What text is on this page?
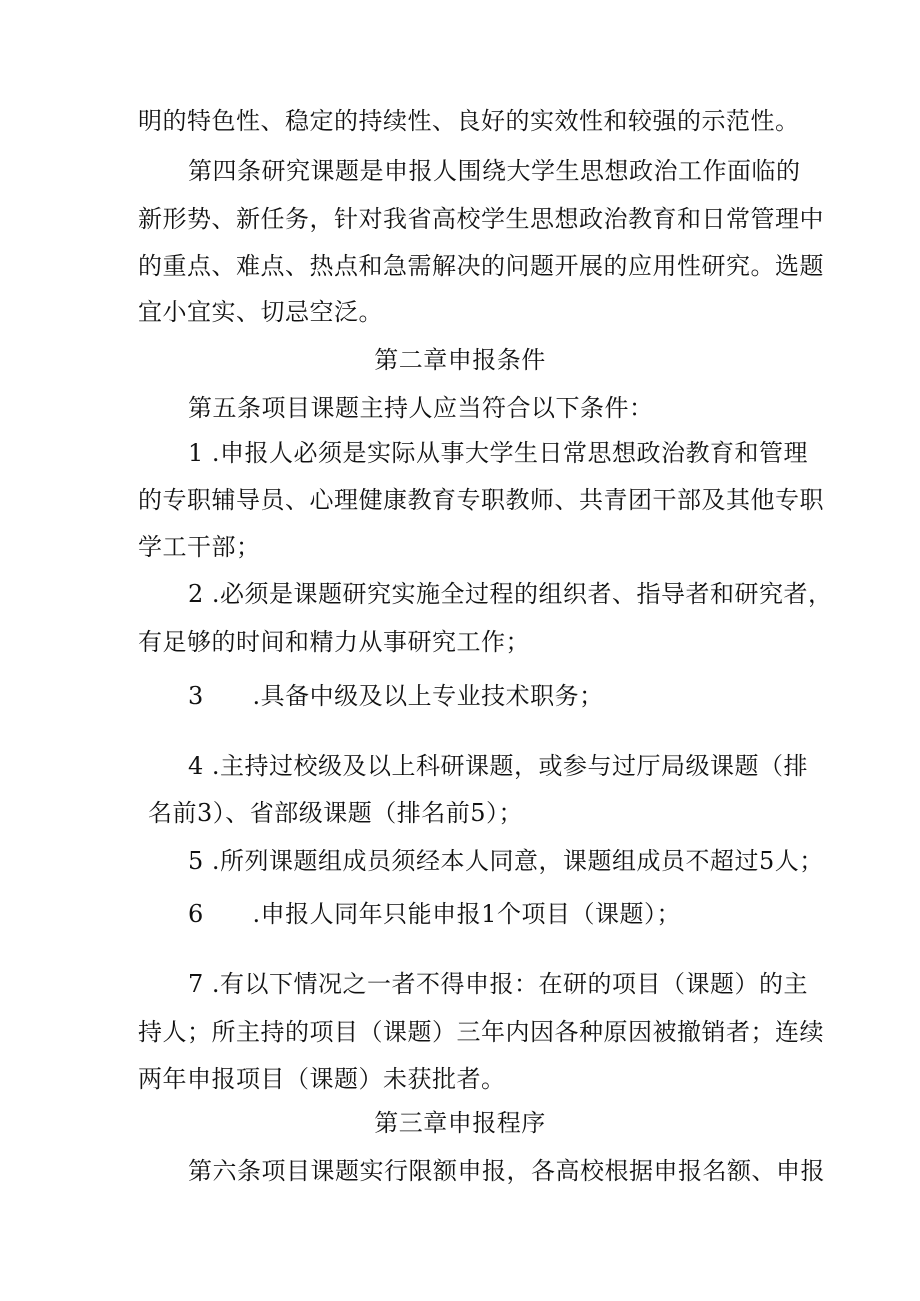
明的特色性、稳定的持续性、良好的实效性和较强的示范性。
第四条研究课题是申报人围绕大学生思想政治工作面临的
新形势、新任务，针对我省高校学生思想政治教育和日常管理中
的重点、难点、热点和急需解决的问题开展的应用性研究。选题
宜小宜实、切忌空泛。
第二章申报条件
第五条项目课题主持人应当符合以下条件：
1 .申报人必须是实际从事大学生日常思想政治教育和管理
的专职辅导员、心理健康教育专职教师、共青团干部及其他专职
学工干部；
2 .必须是课题研究实施全过程的组织者、指导者和研究者，
有足够的时间和精力从事研究工作；
3      .具备中级及以上专业技术职务；
4 .主持过校级及以上科研课题，或参与过厅局级课题（排
名前3）、省部级课题（排名前5）；
5 .所列课题组成员须经本人同意，课题组成员不超过5人；
6      .申报人同年只能申报1个项目（课题）；
7 .有以下情况之一者不得申报：在研的项目（课题）的主
持人；所主持的项目（课题）三年内因各种原因被撤销者；连续
两年申报项目（课题）未获批者。
第三章申报程序
第六条项目课题实行限额申报，各高校根据申报名额、申报
